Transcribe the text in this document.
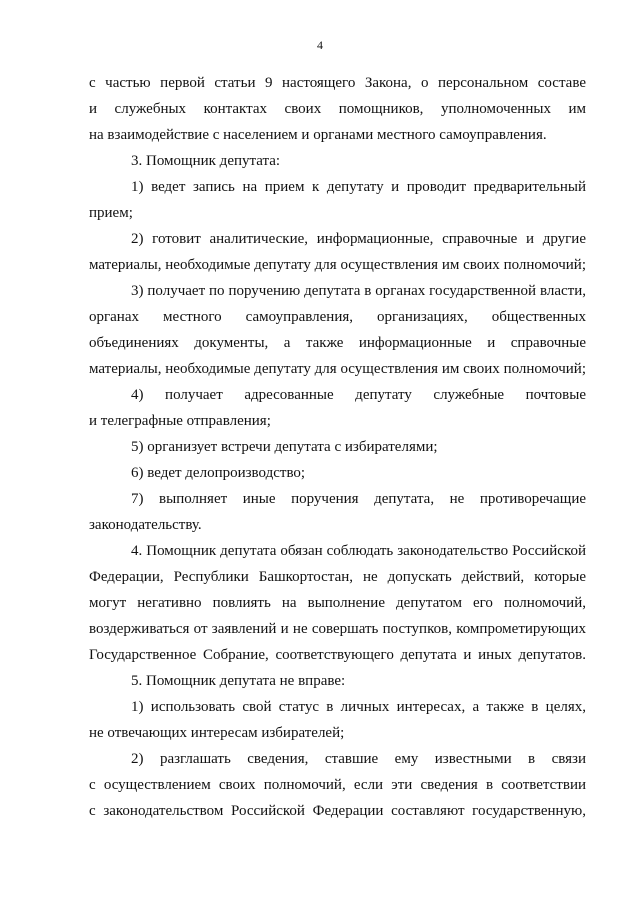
4
с частью первой статьи 9 настоящего Закона, о персональном составе
и служебных контактах своих помощников, уполномоченных им
на взаимодействие с населением и органами местного самоуправления.
3. Помощник депутата:
1) ведет запись на прием к депутату и проводит предварительный
прием;
2) готовит аналитические, информационные, справочные и другие
материалы, необходимые депутату для осуществления им своих полномочий;
3) получает по поручению депутата в органах государственной власти,
органах местного самоуправления, организациях, общественных
объединениях документы, а также информационные и справочные
материалы, необходимые депутату для осуществления им своих полномочий;
4) получает адресованные депутату служебные почтовые
и телеграфные отправления;
5) организует встречи депутата с избирателями;
6) ведет делопроизводство;
7) выполняет иные поручения депутата, не противоречащие
законодательству.
4. Помощник депутата обязан соблюдать законодательство Российской
Федерации, Республики Башкортостан, не допускать действий, которые
могут негативно повлиять на выполнение депутатом его полномочий,
воздерживаться от заявлений и не совершать поступков, компрометирующих
Государственное Собрание, соответствующего депутата и иных депутатов.
5. Помощник депутата не вправе:
1) использовать свой статус в личных интересах, а также в целях,
не отвечающих интересам избирателей;
2) разглашать сведения, ставшие ему известными в связи
с осуществлением своих полномочий, если эти сведения в соответствии
с законодательством Российской Федерации составляют государственную,
